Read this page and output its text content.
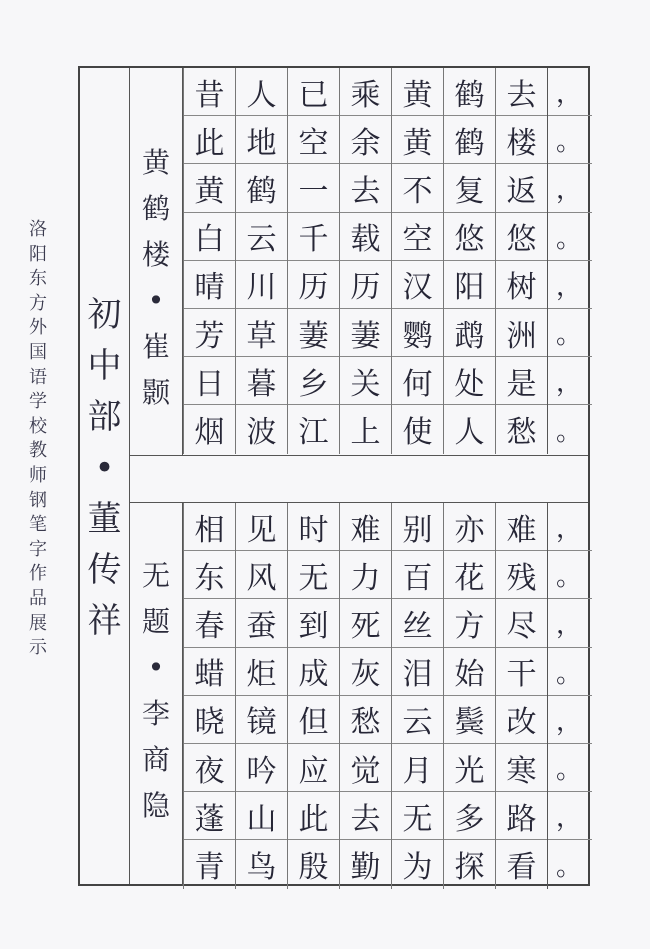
洛
阳
东
方
外
国
语
学
校
教
师
钢
笔
字
作
品
展
示
初
中
部
•
董
传
祥
黄
鹤
楼
•
崔
颢
，
。
，
。
，
。
，
。
去
楼
返
悠
树
洲
是
愁
鹤
鹤
复
悠
阳
鹉
处
人
黄
黄
不
空
汉
鹦
何
使
乘
余
去
载
历
萋
关
上
已
空
一
千
历
萋
乡
江
人
地
鹤
云
川
草
暮
波
昔
此
黄
白
晴
芳
日
烟
无
题
•
李
商
隐
，
。
，
。
，
。
，
。
难
残
尽
干
改
寒
路
看
亦
花
方
始
鬓
光
多
探
别
百
丝
泪
云
月
无
为
难
力
死
灰
愁
觉
去
勤
时
无
到
成
但
应
此
殷
见
风
蚕
炬
镜
吟
山
鸟
相
东
春
蜡
晓
夜
蓬
青
